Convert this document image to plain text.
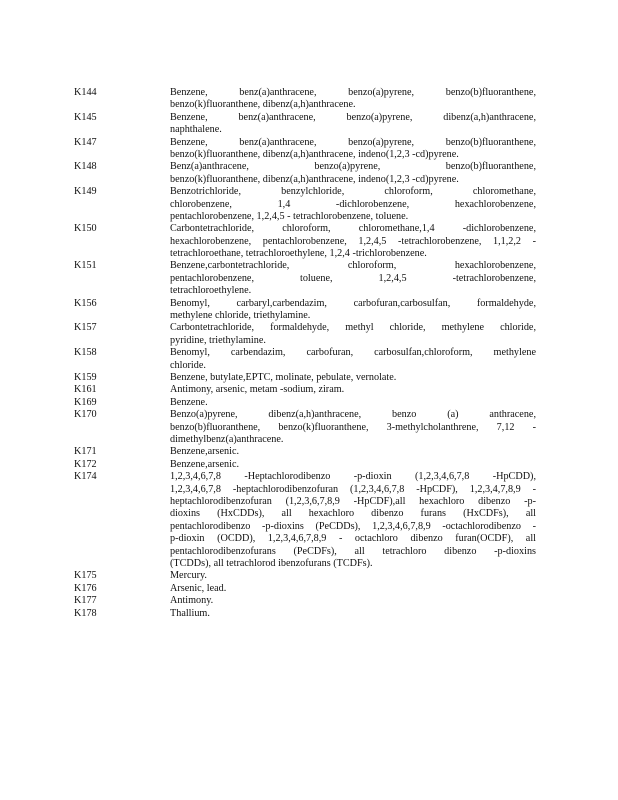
K144	Benzene, benz(a)anthracene, benzo(a)pyrene, benzo(b)fluoranthene,
benzo(k)fluoranthene, dibenz(a,h)anthracene.
K145	Benzene, benz(a)anthracene, benzo(a)pyrene, dibenz(a,h)anthracene,
naphthalene.
K147	Benzene, benz(a)anthracene, benzo(a)pyrene, benzo(b)fluoranthene,
benzo(k)fluoranthene, dibenz(a,h)anthracene, indeno(1,2,3 -cd)pyrene.
K148	Benz(a)anthracene, benzo(a)pyrene, benzo(b)fluoranthene,
benzo(k)fluoranthene, dibenz(a,h)anthracene, indeno(1,2,3 -cd)pyrene.
K149	Benzotrichloride, benzylchloride, chloroform, chloromethane,
chlorobenzene, 1,4 -dichlorobenzene, hexachlorobenzene,
pentachlorobenzene, 1,2,4,5 - tetrachlorobenzene, toluene.
K150	Carbontetrachloride, chloroform, chloromethane,1,4 -dichlorobenzene,
hexachlorobenzene, pentachlorobenzene, 1,2,4,5 -tetrachlorobenzene, 1,1,2,2 -
tetrachloroethane, tetrachloroethylene, 1,2,4 -trichlorobenzene.
K151	Benzene,carbontetrachloride, chloroform, hexachlorobenzene,
pentachlorobenzene, toluene, 1,2,4,5 -tetrachlorobenzene,
tetrachloroethylene.
K156	Benomyl, carbaryl,carbendazim, carbofuran,carbosulfan, formaldehyde,
methylene chloride, triethylamine.
K157	Carbontetrachloride, formaldehyde, methyl chloride, methylene chloride,
pyridine, triethylamine.
K158	Benomyl, carbendazim, carbofuran, carbosulfan,chloroform, methylene
chloride.
K159	Benzene, butylate,EPTC, molinate, pebulate, vernolate.
K161	Antimony, arsenic, metam -sodium, ziram.
K169	Benzene.
K170	Benzo(a)pyrene, dibenz(a,h)anthracene, benzo (a) anthracene,
benzo(b)fluoranthene, benzo(k)fluoranthene, 3-methylcholanthrene, 7,12 -
dimethylbenz(a)anthracene.
K171	Benzene,arsenic.
K172	Benzene,arsenic.
K174	1,2,3,4,6,7,8 -Heptachlorodibenzo -p-dioxin (1,2,3,4,6,7,8 -HpCDD),
1,2,3,4,6,7,8 -heptachlorodibenzofuran (1,2,3,4,6,7,8 -HpCDF), 1,2,3,4,7,8,9 -
heptachlorodibenzofuran (1,2,3,6,7,8,9 -HpCDF),all hexachloro dibenzo -p-
dioxins (HxCDDs), all hexachloro dibenzo furans (HxCDFs), all
pentachlorodibenzo -p-dioxins (PeCDDs), 1,2,3,4,6,7,8,9 -octachlorodibenzo -
p-dioxin (OCDD), 1,2,3,4,6,7,8,9 - octachloro dibenzo furan(OCDF), all
pentachlorodibenzofurans (PeCDFs), all tetrachloro dibenzo -p-dioxins
(TCDDs), all tetrachlorod ibenzofurans (TCDFs).
K175	Mercury.
K176	Arsenic, lead.
K177	Antimony.
K178	Thallium.
